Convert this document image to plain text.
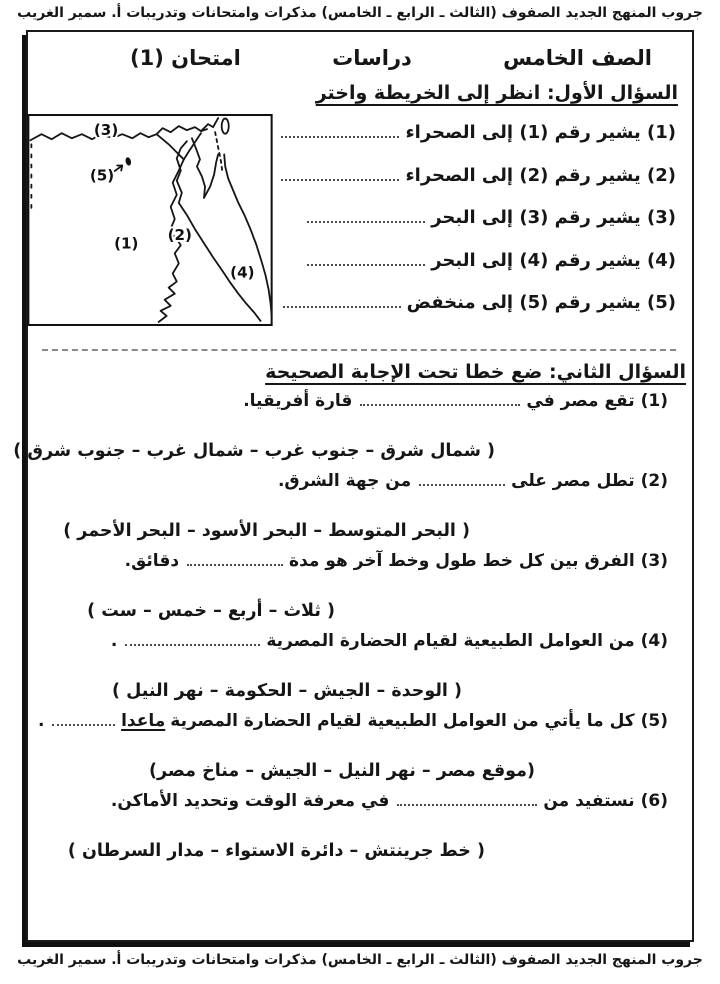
جروب المنهج الجديد الصفوف (الثالث ـ الرابع ـ الخامس) مذكرات وامتحانات وتدريبات أ. سمير الغريب
الصف الخامس
دراسات
امتحان (1)
السؤال الأول: انظر إلى الخريطة واختر
(1) يشير رقم (1) إلى الصحراء
(2) يشير رقم (2) إلى الصحراء
(3) يشير رقم (3) إلى البحر
(4) يشير رقم (4) إلى البحر
(5) يشير رقم (5) إلى منخفض
(3)
(5)
(1) (2)
(4)
السؤال الثاني: ضع خطا تحت الإجابة الصحيحة
(1) تقع مصر في
قارة أفريقيا.
( شمال شرق – جنوب غرب – شمال غرب – جنوب شرق )
(2) تطل مصر على
من جهة الشرق.
( البحر المتوسط – البحر الأسود – البحر الأحمر )
(3) الفرق بين كل خط طول وخط آخر هو مدة
دقائق.
( ثلاث – أربع – خمس – ست )
(4) من العوامل الطبيعية لقيام الحضارة المصرية
.
( الوحدة – الجيش – الحكومة – نهر النيل )
(5) كل ما يأتي من العوامل الطبيعية لقيام الحضارة المصرية
ماعدا
.
(موقع مصر – نهر النيل – الجيش – مناخ مصر)
(6) نستفيد من
في معرفة الوقت وتحديد الأماكن.
( خط جرينتش – دائرة الاستواء – مدار السرطان )
جروب المنهج الجديد الصفوف (الثالث ـ الرابع ـ الخامس) مذكرات وامتحانات وتدريبات أ. سمير الغريب
